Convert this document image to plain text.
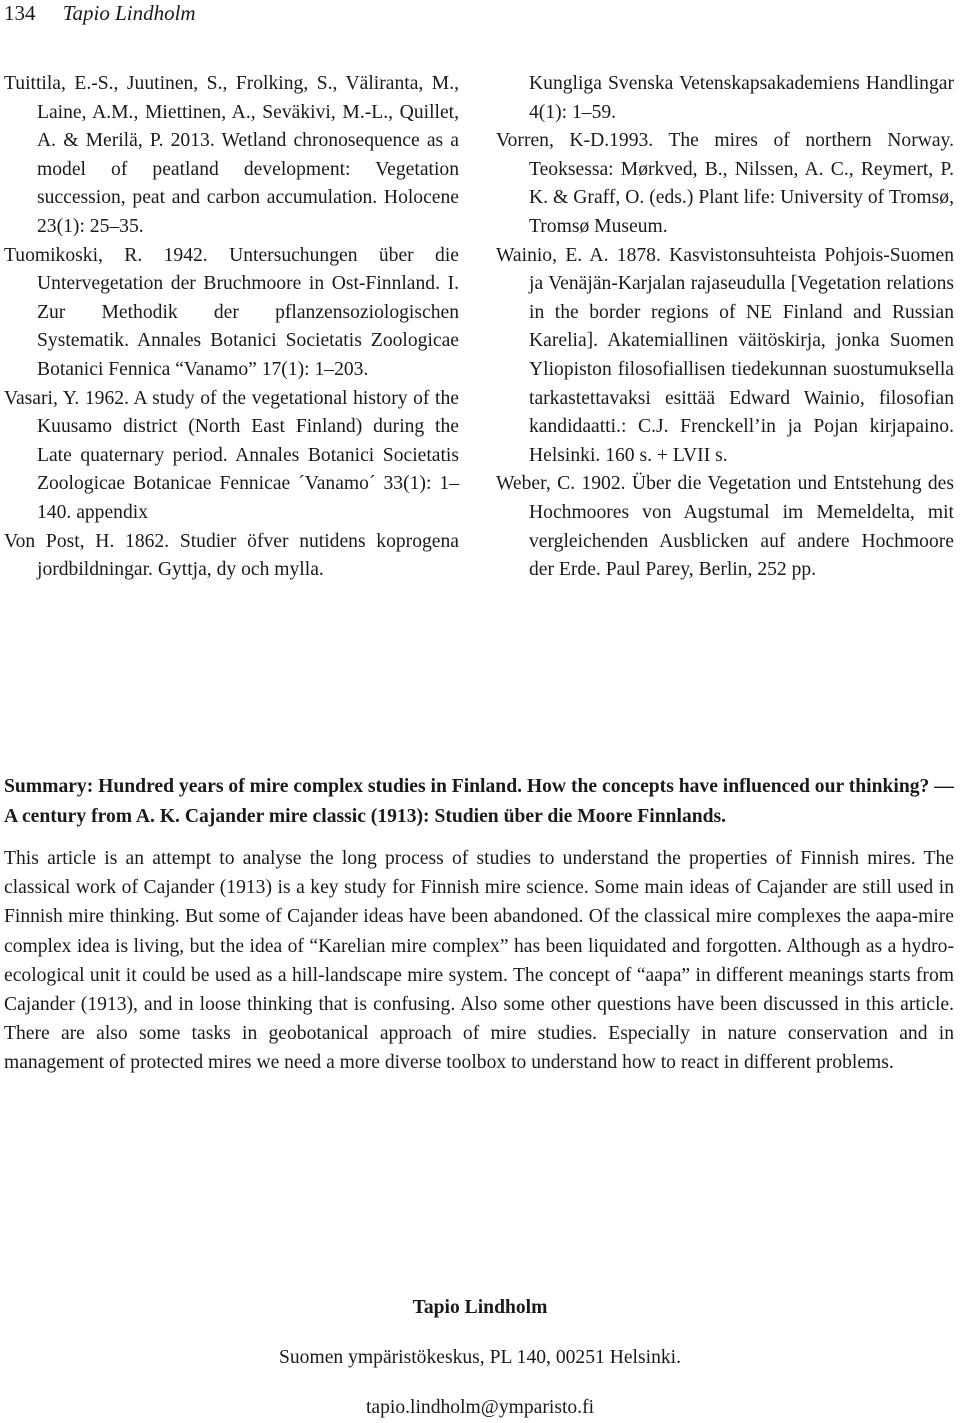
134 Tapio Lindholm

Tuittila, E.-S., Juutinen, S., Frolking, S., Väliranta, M., Laine, A.M., Miettinen, A., Seväkivi, M.-L., Quillet, A. & Merilä, P. 2013. Wetland chronosequence as a model of peatland development: Vegetation succession, peat and carbon accumulation. Holocene 23(1): 25–35.

Tuomikoski, R. 1942. Untersuchungen über die Untervegetation der Bruchmoore in Ost-Finnland. I. Zur Methodik der pflanzensoziologischen Systematik. Annales Botanici Societatis Zoologicae Botanici Fennica “Vanamo” 17(1): 1–203.

Vasari, Y. 1962. A study of the vegetational history of the Kuusamo district (North East Finland) during the Late quaternary period. Annales Botanici Societatis Zoologicae Botanicae Fennicae ´Vanamo´ 33(1): 1–140. appendix

Von Post, H. 1862. Studier öfver nutidens koprogena jordbildningar. Gyttja, dy och mylla.

Kungliga Svenska Vetenskapsakademiens Handlingar 4(1): 1–59.

Vorren, K-D.1993. The mires of northern Norway. Teoksessa: Mørkved, B., Nilssen, A. C., Reymert, P. K. & Graff, O. (eds.) Plant life: University of Tromsø, Tromsø Museum.

Wainio, E. A. 1878. Kasvistonsuhteista Pohjois-Suomen ja Venäjän-Karjalan rajaseudulla [Vegetation relations in the border regions of NE Finland and Russian Karelia]. Akatemiallinen väitöskirja, jonka Suomen Yliopiston filosofiallisen tiedekunnan suostumuksella tarkastettavaksi esittää Edward Wainio, filosofian kandidaatti.: C.J. Frenckell’in ja Pojan kirjapaino. Helsinki. 160 s. + LVII s.

Weber, C. 1902. Über die Vegetation und Entstehung des Hochmoores von Augstumal im Memeldelta, mit vergleichenden Ausblicken auf andere Hochmoore der Erde. Paul Parey, Berlin, 252 pp.

Summary: Hundred years of mire complex studies in Finland. How the concepts have influenced our thinking? — A century from A. K. Cajander mire classic (1913): Studien über die Moore Finnlands.

This article is an attempt to analyse the long process of studies to understand the properties of Finnish mires. The classical work of Cajander (1913) is a key study for Finnish mire science. Some main ideas of Cajander are still used in Finnish mire thinking. But some of Cajander ideas have been abandoned. Of the classical mire complexes the aapa-mire complex idea is living, but the idea of “Karelian mire complex” has been liquidated and forgotten. Although as a hydro-ecological unit it could be used as a hill-landscape mire system. The concept of “aapa” in different meanings starts from Cajander (1913), and in loose thinking that is confusing. Also some other questions have been discussed in this article. There are also some tasks in geobotanical approach of mire studies. Especially in nature conservation and in management of protected mires we need a more diverse toolbox to understand how to react in different problems.

Tapio Lindholm

Suomen ympäristökeskus, PL 140, 00251 Helsinki.

tapio.lindholm@ymparisto.fi
